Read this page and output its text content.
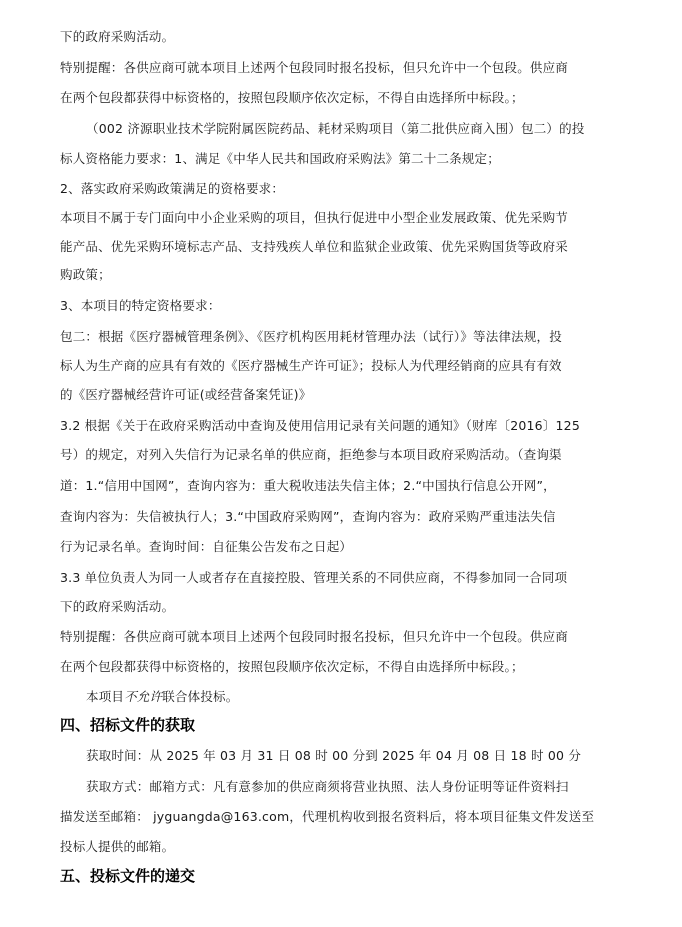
下的政府采购活动。
特别提醒：各供应商可就本项目上述两个包段同时报名投标，但只允许中一个包段。供应商
在两个包段都获得中标资格的，按照包段顺序依次定标，不得自由选择所中标段。；
（002 济源职业技术学院附属医院药品、耗材采购项目（第二批供应商入围）包二）的投
标人资格能力要求：1、满足《中华人民共和国政府采购法》第二十二条规定；
2、落实政府采购政策满足的资格要求：
本项目不属于专门面向中小企业采购的项目，但执行促进中小型企业发展政策、优先采购节
能产品、优先采购环境标志产品、支持残疾人单位和监狱企业政策、优先采购国货等政府采
购政策；
3、本项目的特定资格要求：
包二：根据《医疗器械管理条例》、《医疗机构医用耗材管理办法（试行）》等法律法规，投
标人为生产商的应具有有效的《医疗器械生产许可证》；投标人为代理经销商的应具有有效
的《医疗器械经营许可证(或经营备案凭证)》
3.2 根据《关于在政府采购活动中查询及使用信用记录有关问题的通知》（财库〔2016〕125
号）的规定，对列入失信行为记录名单的供应商，拒绝参与本项目政府采购活动。（查询渠
道：1.“信用中国网”，查询内容为：重大税收违法失信主体；2.“中国执行信息公开网”，
查询内容为：失信被执行人；3.“中国政府采购网”，查询内容为：政府采购严重违法失信
行为记录名单。查询时间：自征集公告发布之日起）
3.3 单位负责人为同一人或者存在直接控股、管理关系的不同供应商，不得参加同一合同项
下的政府采购活动。
特别提醒：各供应商可就本项目上述两个包段同时报名投标，但只允许中一个包段。供应商
在两个包段都获得中标资格的，按照包段顺序依次定标，不得自由选择所中标段。；
本项目不允许联合体投标。
四、招标文件的获取
获取时间：从 2025 年 03 月 31 日 08 时 00 分到 2025 年 04 月 08 日 18 时 00 分
获取方式：邮箱方式：凡有意参加的供应商须将营业执照、法人身份证明等证件资料扫
描发送至邮箱： jyguangda@163.com，代理机构收到报名资料后，将本项目征集文件发送至
投标人提供的邮箱。
五、投标文件的递交
